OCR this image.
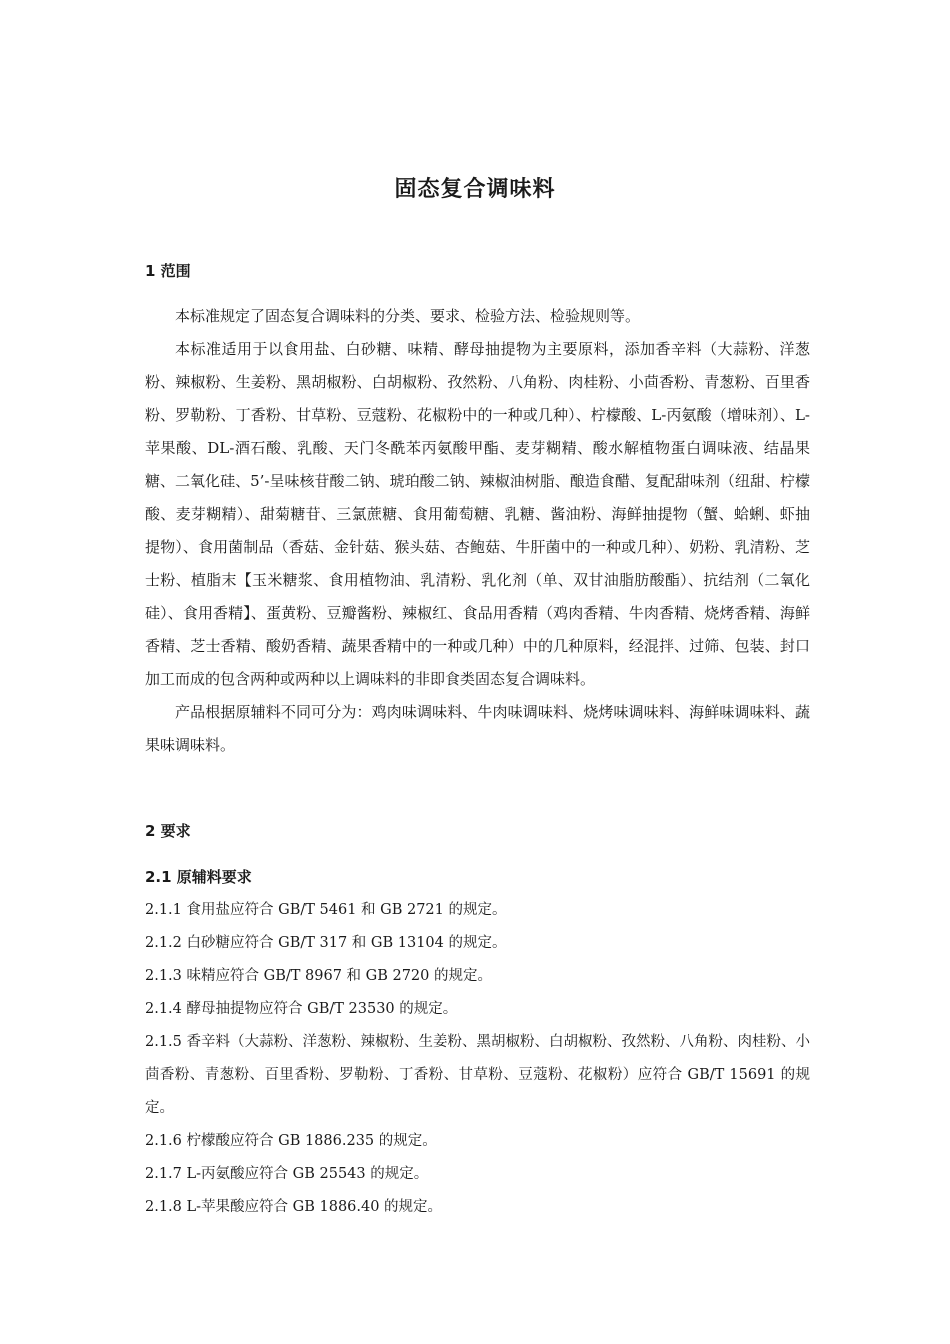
固态复合调味料
1 范围

本标准规定了固态复合调味料的分类、要求、检验方法、检验规则等。

本标准适用于以食用盐、白砂糖、味精、酵母抽提物为主要原料，添加香辛料（大蒜粉、洋葱粉、辣椒粉、生姜粉、黑胡椒粉、白胡椒粉、孜然粉、八角粉、肉桂粉、小茴香粉、青葱粉、百里香粉、罗勒粉、丁香粉、甘草粉、豆蔻粉、花椒粉中的一种或几种）、柠檬酸、L-丙氨酸（增味剂）、L-苹果酸、DL-酒石酸、乳酸、天门冬酰苯丙氨酸甲酯、麦芽糊精、酸水解植物蛋白调味液、结晶果糖、二氧化硅、5’-呈味核苷酸二钠、琥珀酸二钠、辣椒油树脂、酿造食醋、复配甜味剂（纽甜、柠檬酸、麦芽糊精）、甜菊糖苷、三氯蔗糖、食用葡萄糖、乳糖、酱油粉、海鲜抽提物（蟹、蛤蜊、虾抽提物）、食用菌制品（香菇、金针菇、猴头菇、杏鲍菇、牛肝菌中的一种或几种）、奶粉、乳清粉、芝士粉、植脂末【玉米糖浆、食用植物油、乳清粉、乳化剂（单、双甘油脂肪酸酯）、抗结剂（二氧化硅）、食用香精】、蛋黄粉、豆瓣酱粉、辣椒红、食品用香精（鸡肉香精、牛肉香精、烧烤香精、海鲜香精、芝士香精、酸奶香精、蔬果香精中的一种或几种）中的几种原料，经混拌、过筛、包装、封口加工而成的包含两种或两种以上调味料的非即食类固态复合调味料。

产品根据原辅料不同可分为：鸡肉味调味料、牛肉味调味料、烧烤味调味料、海鲜味调味料、蔬果味调味料。

2 要求
2.1 原辅料要求

2.1.1 食用盐应符合 GB/T 5461 和 GB 2721 的规定。

2.1.2 白砂糖应符合 GB/T 317 和 GB 13104 的规定。

2.1.3 味精应符合 GB/T 8967 和 GB 2720 的规定。

2.1.4 酵母抽提物应符合 GB/T 23530 的规定。

2.1.5 香辛料（大蒜粉、洋葱粉、辣椒粉、生姜粉、黑胡椒粉、白胡椒粉、孜然粉、八角粉、肉桂粉、小茴香粉、青葱粉、百里香粉、罗勒粉、丁香粉、甘草粉、豆蔻粉、花椒粉）应符合 GB/T 15691 的规定。

2.1.6 柠檬酸应符合 GB 1886.235 的规定。

2.1.7 L-丙氨酸应符合 GB 25543 的规定。

2.1.8 L-苹果酸应符合 GB 1886.40 的规定。
